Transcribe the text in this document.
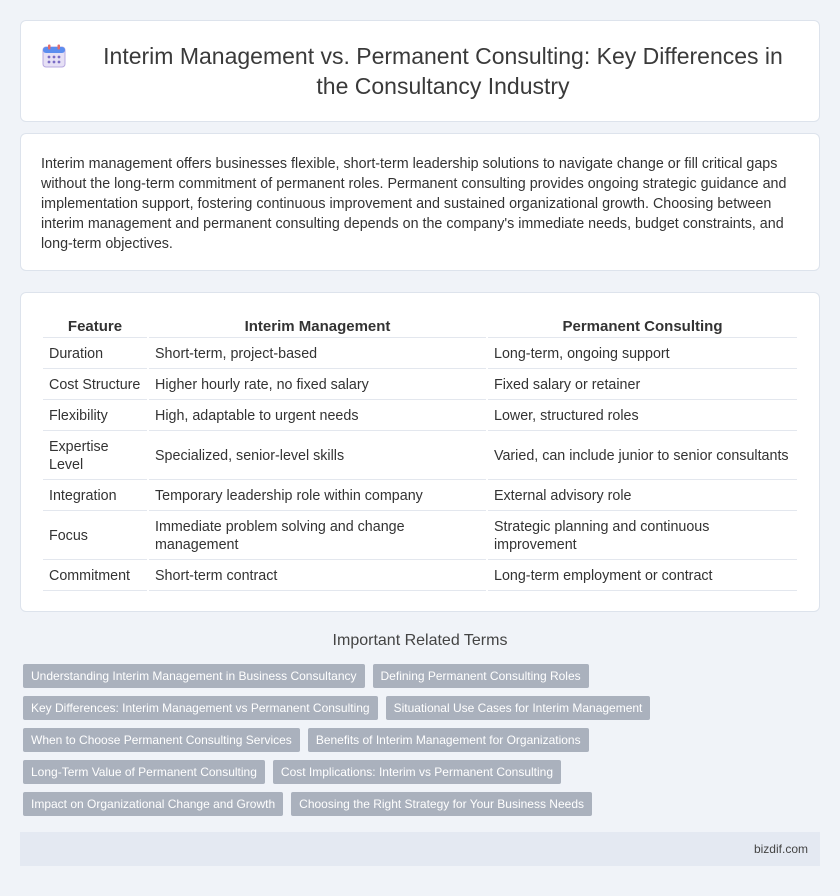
Interim Management vs. Permanent Consulting: Key Differences in the Consultancy Industry

Interim management offers businesses flexible, short-term leadership solutions to navigate change or fill critical gaps without the long-term commitment of permanent roles. Permanent consulting provides ongoing strategic guidance and implementation support, fostering continuous improvement and sustained organizational growth. Choosing between interim management and permanent consulting depends on the company's immediate needs, budget constraints, and long-term objectives.

Feature	Interim Management	Permanent Consulting
Duration	Short-term, project-based	Long-term, ongoing support
Cost Structure	Higher hourly rate, no fixed salary	Fixed salary or retainer
Flexibility	High, adaptable to urgent needs	Lower, structured roles
Expertise Level	Specialized, senior-level skills	Varied, can include junior to senior consultants
Integration	Temporary leadership role within company	External advisory role
Focus	Immediate problem solving and change management	Strategic planning and continuous improvement
Commitment	Short-term contract	Long-term employment or contract
Important Related Terms
Understanding Interim Management in Business Consultancy	Defining Permanent Consulting Roles
Key Differences: Interim Management vs Permanent Consulting	Situational Use Cases for Interim Management
When to Choose Permanent Consulting Services	Benefits of Interim Management for Organizations
Long-Term Value of Permanent Consulting	Cost Implications: Interim vs Permanent Consulting
Impact on Organizational Change and Growth	Choosing the Right Strategy for Your Business Needs
bizdif.com
